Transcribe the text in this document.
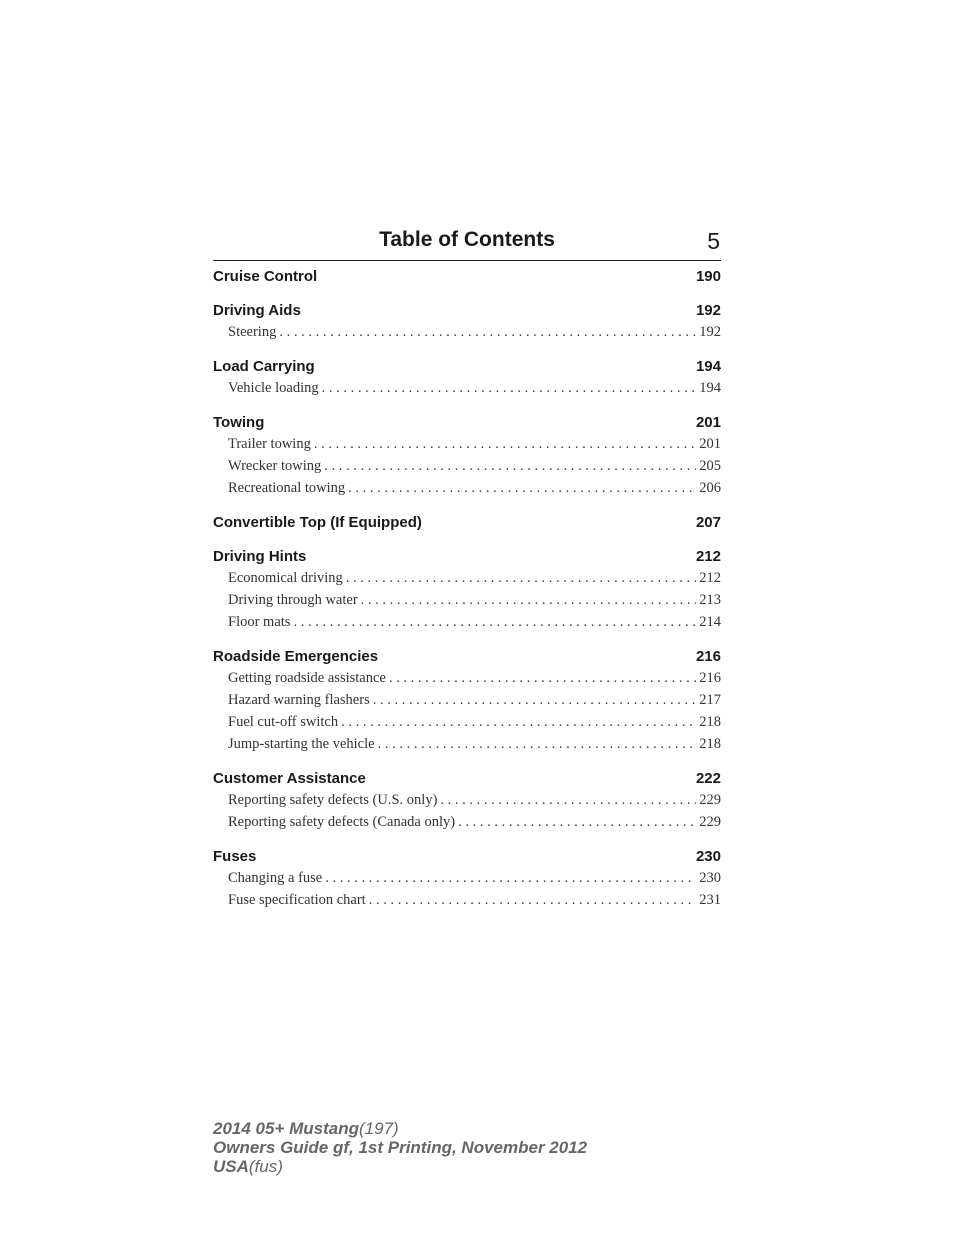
Table of Contents	5
Cruise Control	190
Driving Aids	192
Steering . . .	192
Load Carrying	194
Vehicle loading . . .	194
Towing	201
Trailer towing . . .	201
Wrecker towing . . .	205
Recreational towing . . .	206
Convertible Top (If Equipped)	207
Driving Hints	212
Economical driving . . .	212
Driving through water . . .	213
Floor mats . . .	214
Roadside Emergencies	216
Getting roadside assistance . . .	216
Hazard warning flashers . . .	217
Fuel cut-off switch . . .	218
Jump-starting the vehicle . . .	218
Customer Assistance	222
Reporting safety defects (U.S. only) . . .	229
Reporting safety defects (Canada only) . . .	229
Fuses	230
Changing a fuse . . .	230
Fuse specification chart . . .	231
2014 05+ Mustang(197)
Owners Guide gf, 1st Printing, November 2012
USA(fus)
